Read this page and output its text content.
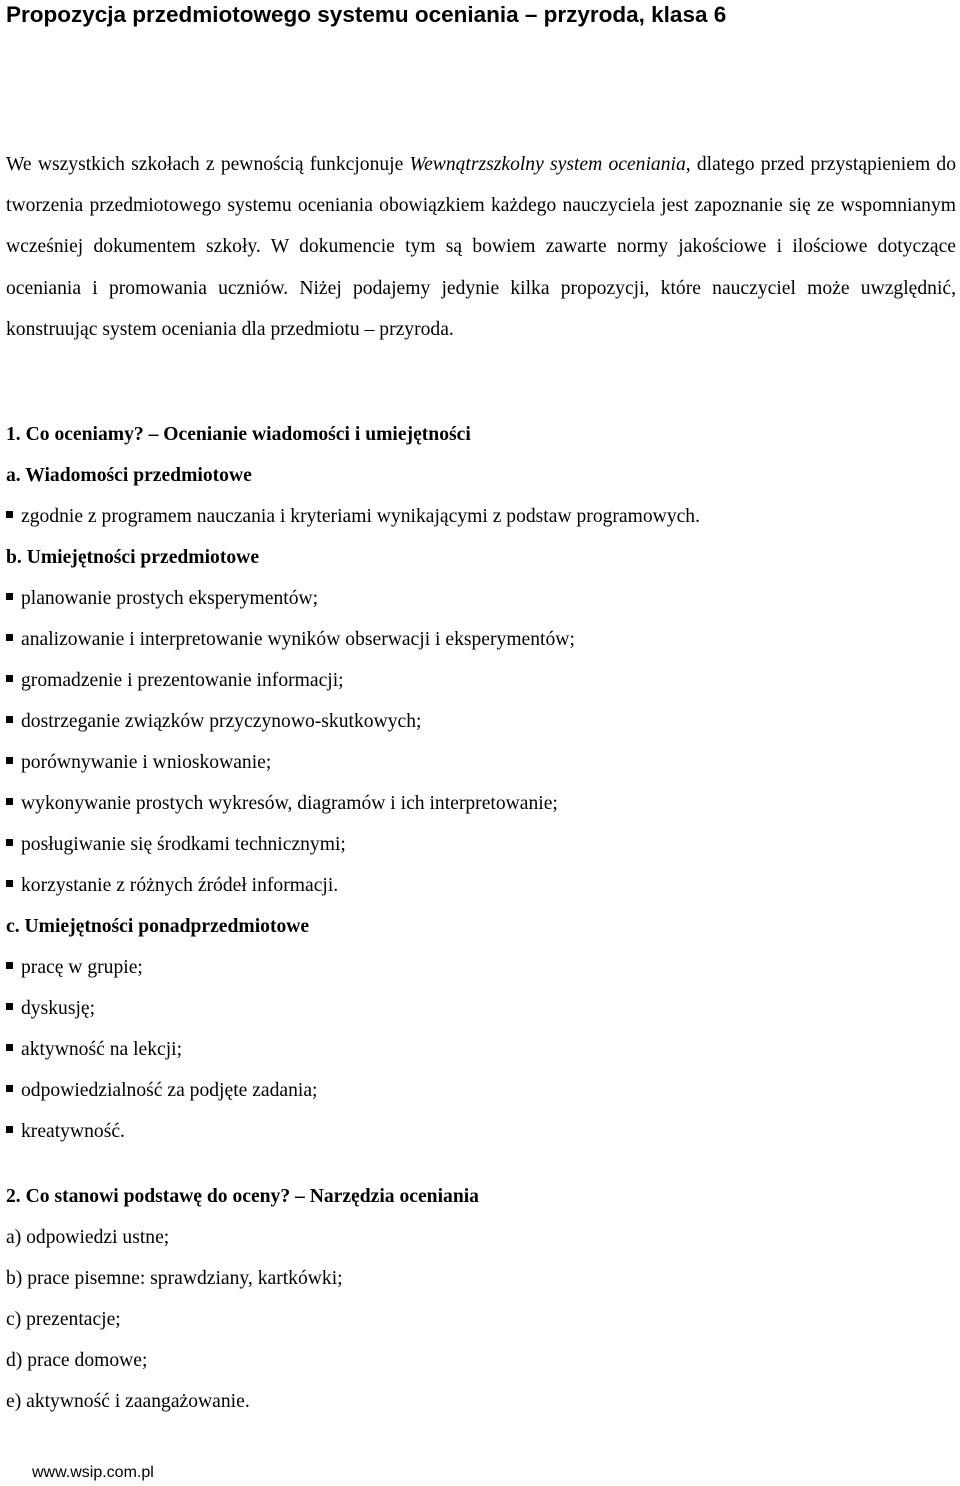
Propozycja przedmiotowego systemu oceniania – przyroda, klasa 6

We wszystkich szkołach z pewnością funkcjonuje Wewnątrzszkolny system oceniania, dlatego przed przystąpieniem do tworzenia przedmiotowego systemu oceniania obowiązkiem każdego nauczyciela jest zapoznanie się ze wspomnianym wcześniej dokumentem szkoły. W dokumencie tym są bowiem zawarte normy jakościowe i ilościowe dotyczące oceniania i promowania uczniów. Niżej podajemy jedynie kilka propozycji, które nauczyciel może uwzględnić, konstruując system oceniania dla przedmiotu – przyroda.

1. Co oceniamy? – Ocenianie wiadomości i umiejętności
a. Wiadomości przedmiotowe
zgodnie z programem nauczania i kryteriami wynikającymi z podstaw programowych.
b. Umiejętności przedmiotowe
planowanie prostych eksperymentów;
analizowanie i interpretowanie wyników obserwacji i eksperymentów;
gromadzenie i prezentowanie informacji;
dostrzeganie związków przyczynowo-skutkowych;
porównywanie i wnioskowanie;
wykonywanie prostych wykresów, diagramów i ich interpretowanie;
posługiwanie się środkami technicznymi;
korzystanie z różnych źródeł informacji.
c. Umiejętności ponadprzedmiotowe
pracę w grupie;
dyskusję;
aktywność na lekcji;
odpowiedzialność za podjęte zadania;
kreatywność.
2. Co stanowi podstawę do oceny? – Narzędzia oceniania
a) odpowiedzi ustne;
b) prace pisemne: sprawdziany, kartkówki;
c) prezentacje;
d) prace domowe;
e) aktywność i zaangażowanie.
www.wsip.com.pl
